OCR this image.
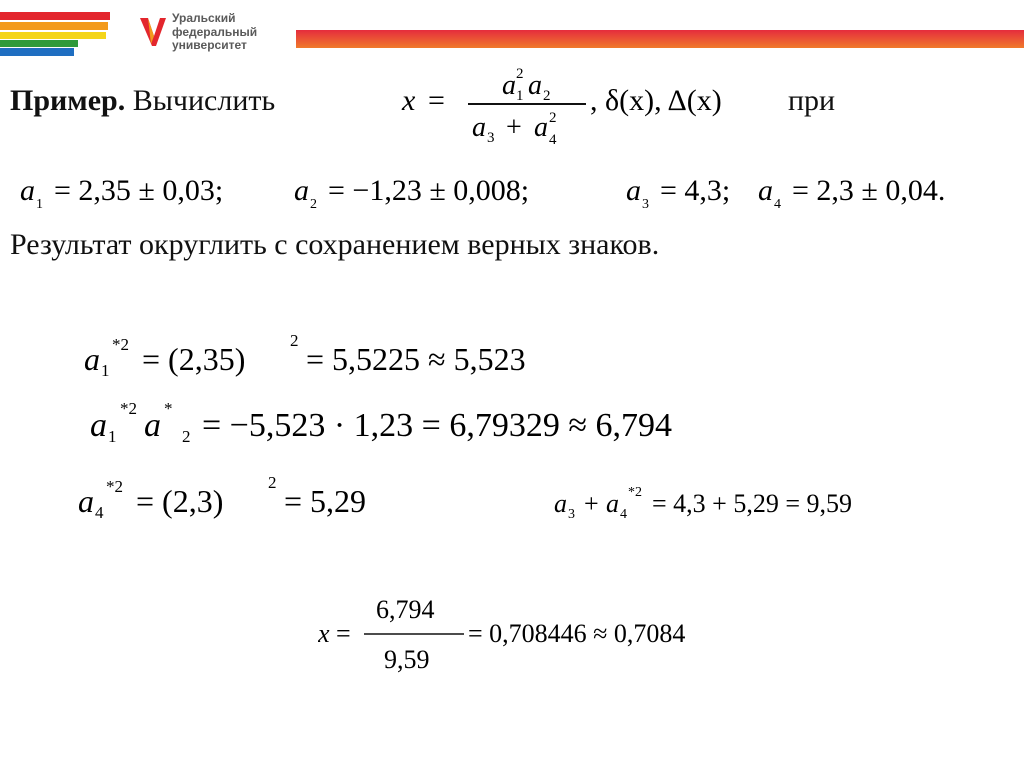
Уральский
федеральный
университет
Пример. Вычислить	x = a 2
1 a 2
a 3 + a 2
4
, δ(x), Δ(x) при
a 1 = 2,35 ± 0,03; a 2 = −1,23 ± 0,008;	a 3 = 4,3; a 4 = 2,3 ± 0,04.
Результат округлить с сохранением верных знаков.
a 1
*2 = (2,35)
2
= 5,5225 ≈ 5,523
a 1
*2 a *
2 = −5,523 · 1,23 = 6,79329 ≈ 6,794
a 4
*2 = (2,3)
2
= 5,29	a 3 + a 4
*2 = 4,3 + 5,29 = 9,59
x =
6,794
9,59
= 0,708446 ≈ 0,7084
